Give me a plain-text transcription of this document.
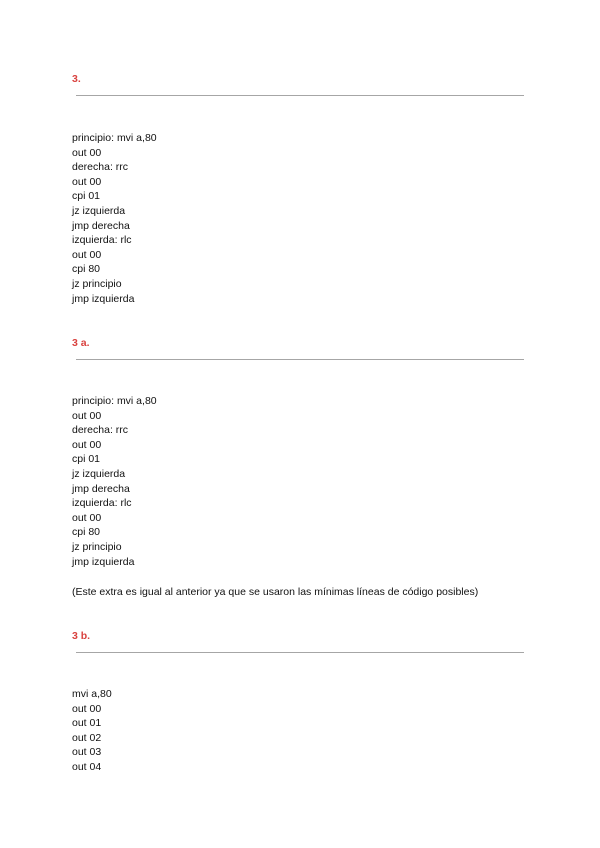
3.
principio: mvi a,80
out 00
derecha: rrc
out 00
cpi 01
jz izquierda
jmp derecha
izquierda: rlc
out 00
cpi 80
jz principio
jmp izquierda
3 a.
principio: mvi a,80
out 00
derecha: rrc
out 00
cpi 01
jz izquierda
jmp derecha
izquierda: rlc
out 00
cpi 80
jz principio
jmp izquierda

(Este extra es igual al anterior ya que se usaron las mínimas líneas de código posibles)

3 b.
mvi a,80
out 00
out 01
out 02
out 03
out 04
